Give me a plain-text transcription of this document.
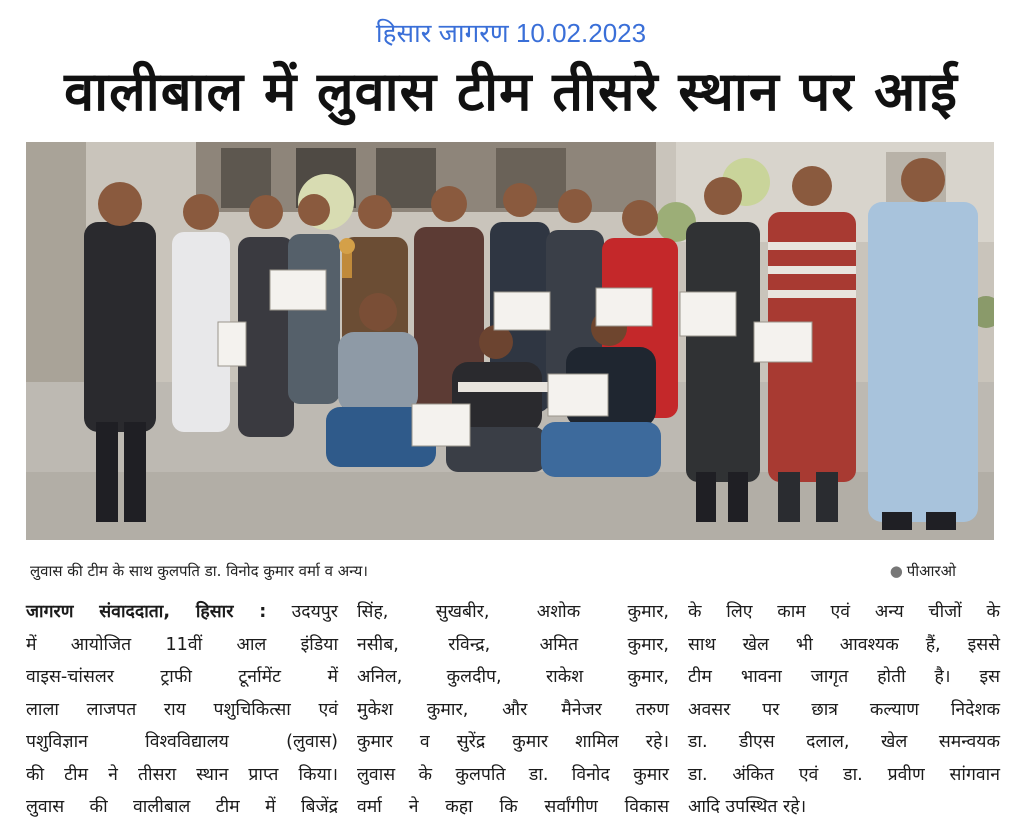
हिसार जागरण 10.02.2023
वालीबाल में लुवास टीम तीसरे स्थान पर आई
लुवास की टीम के साथ कुलपति डा. विनोद कुमार वर्मा व अन्य।	● पीआरओ
जागरण संवाददाता, हिसार : उदयपुर
में आयोजित 11वीं आल इंडिया
वाइस-चांसलर ट्राफी टूर्नामेंट में
लाला लाजपत राय पशुचिकित्सा एवं
पशुविज्ञान विश्वविद्यालय (लुवास)
की टीम ने तीसरा स्थान प्राप्त किया।
लुवास की वालीबाल टीम में बिजेंद्र
सिंह, सुखबीर, अशोक कुमार,
नसीब, रविन्द्र, अमित कुमार,
अनिल, कुलदीप, राकेश कुमार,
मुकेश कुमार, और मैनेजर तरुण
कुमार व सुरेंद्र कुमार शामिल रहे।
लुवास के कुलपति डा. विनोद कुमार
वर्मा ने कहा कि सर्वांगीण विकास
के लिए काम एवं अन्य चीजों के
साथ खेल भी आवश्यक हैं, इससे
टीम भावना जागृत होती है। इस
अवसर पर छात्र कल्याण निदेशक
डा. डीएस दलाल, खेल समन्वयक
डा. अंकित एवं डा. प्रवीण सांगवान
आदि उपस्थित रहे।
